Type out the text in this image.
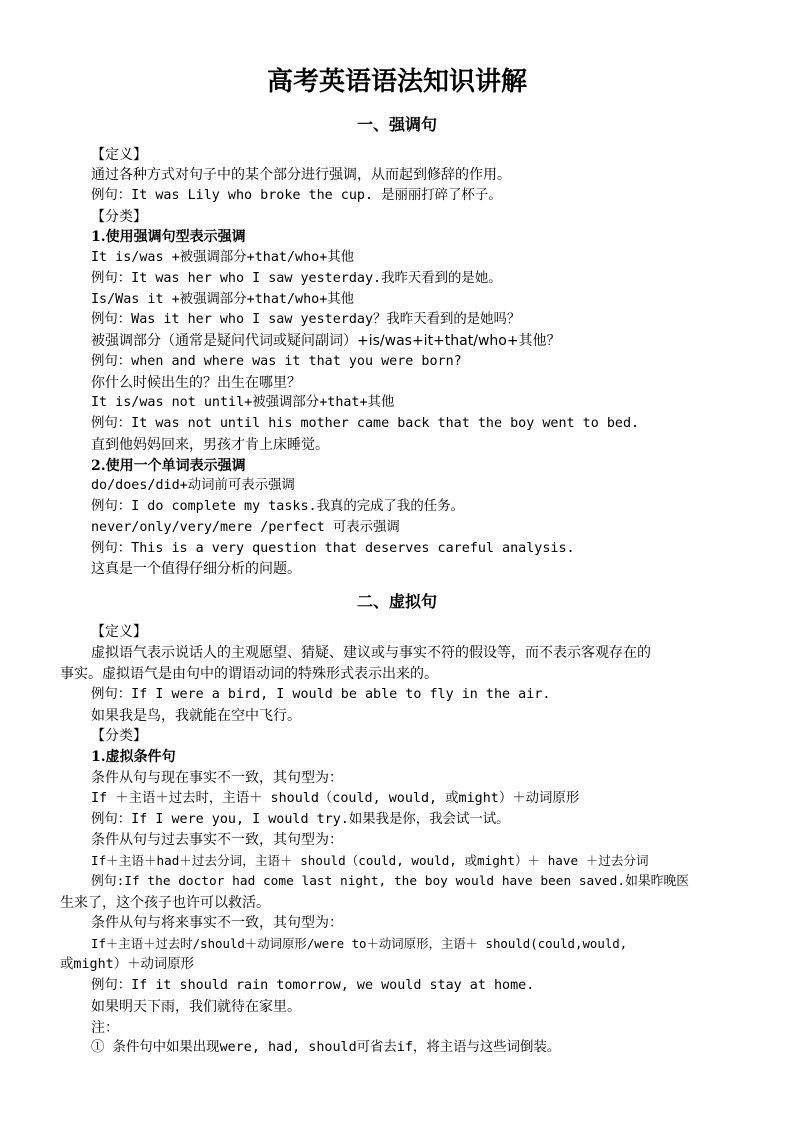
高考英语语法知识讲解
一、强调句
【定义】
通过各种方式对句子中的某个部分进行强调，从而起到修辞的作用。
例句：It was Lily who broke the cup. 是丽丽打碎了杯子。
【分类】
1.使用强调句型表示强调
It is/was +被强调部分+that/who+其他
例句：It was her who I saw yesterday.我昨天看到的是她。
Is/Was it +被强调部分+that/who+其他
例句：Was it her who I saw yesterday？我昨天看到的是她吗？
被强调部分（通常是疑问代词或疑问副词）+is/was+it+that/who+其他？
例句：when and where was it that you were born?
你什么时候出生的？出生在哪里？
It is/was not until+被强调部分+that+其他
例句：It was not until his mother came back that the boy went to bed.
直到他妈妈回来，男孩才肯上床睡觉。
2.使用一个单词表示强调
do/does/did+动词前可表示强调
例句：I do complete my tasks.我真的完成了我的任务。
never/only/very/mere /perfect 可表示强调
例句：This is a very question that deserves careful analysis.
这真是一个值得仔细分析的问题。
二、虚拟句
【定义】
虚拟语气表示说话人的主观愿望、猜疑、建议或与事实不符的假设等，而不表示客观存在的
事实。虚拟语气是由句中的谓语动词的特殊形式表示出来的。
例句：If I were a bird, I would be able to fly in the air.
如果我是鸟，我就能在空中飞行。
【分类】
1.虚拟条件句
条件从句与现在事实不一致，其句型为：
If ＋主语＋过去时，主语＋ should（could, would, 或might）＋动词原形
例句：If I were you, I would try.如果我是你，我会试一试。
条件从句与过去事实不一致，其句型为：
If＋主语＋had＋过去分词，主语＋ should（could, would, 或might）＋ have ＋过去分词
例句:If the doctor had come last night, the boy would have been saved.如果昨晚医
生来了，这个孩子也许可以救活。
条件从句与将来事实不一致，其句型为：
If＋主语＋过去时/should＋动词原形/were to＋动词原形，主语＋ should(could,would,
或might）＋动词原形
例句：If it should rain tomorrow, we would stay at home.
如果明天下雨，我们就待在家里。
注：
① 条件句中如果出现were, had, should可省去if，将主语与这些词倒装。
